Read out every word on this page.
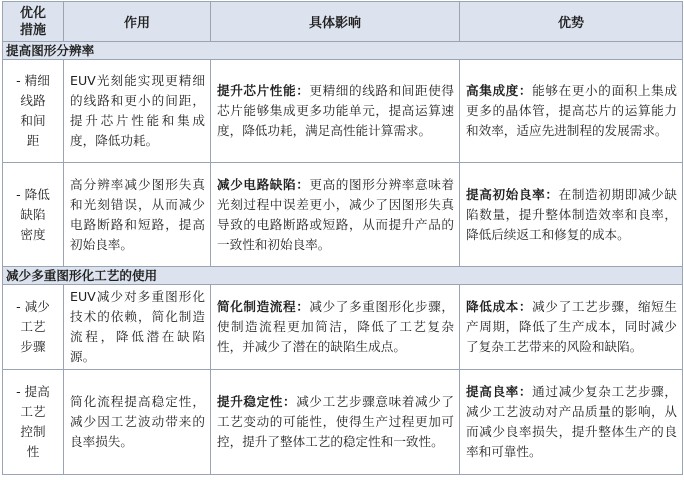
优化
措施	作用	具体影响	优势
提高图形分辨率			
- 精细
线路
和间
距	EUV光刻能实现更精细的线路和更小的间距，提升芯片性能和集成度，降低功耗。	提升芯片性能：更精细的线路和间距使得芯片能够集成更多功能单元，提高运算速度，降低功耗，满足高性能计算需求。	高集成度：能够在更小的面积上集成更多的晶体管，提高芯片的运算能力和效率，适应先进制程的发展需求。
- 降低
缺陷
密度	高分辨率减少图形失真和光刻错误，从而减少电路断路和短路，提高初始良率。	减少电路缺陷：更高的图形分辨率意味着光刻过程中误差更小，减少了因图形失真导致的电路断路或短路，从而提升产品的一致性和初始良率。	提高初始良率：在制造初期即减少缺陷数量，提升整体制造效率和良率，降低后续返工和修复的成本。
减少多重图形化工艺的使用			
- 减少
工艺
步骤	EUV减少对多重图形化技术的依赖，简化制造流程，降低潜在缺陷源。	简化制造流程：减少了多重图形化步骤，使制造流程更加简洁，降低了工艺复杂性，并减少了潜在的缺陷生成点。	降低成本：减少了工艺步骤，缩短生产周期，降低了生产成本，同时减少了复杂工艺带来的风险和缺陷。
- 提高
工艺
控制
性	简化流程提高稳定性，减少因工艺波动带来的良率损失。	提升稳定性：减少工艺步骤意味着减少了工艺变动的可能性，使得生产过程更加可控，提升了整体工艺的稳定性和一致性。	提高良率：通过减少复杂工艺步骤，减少工艺波动对产品质量的影响，从而减少良率损失，提升整体生产的良率和可靠性。
